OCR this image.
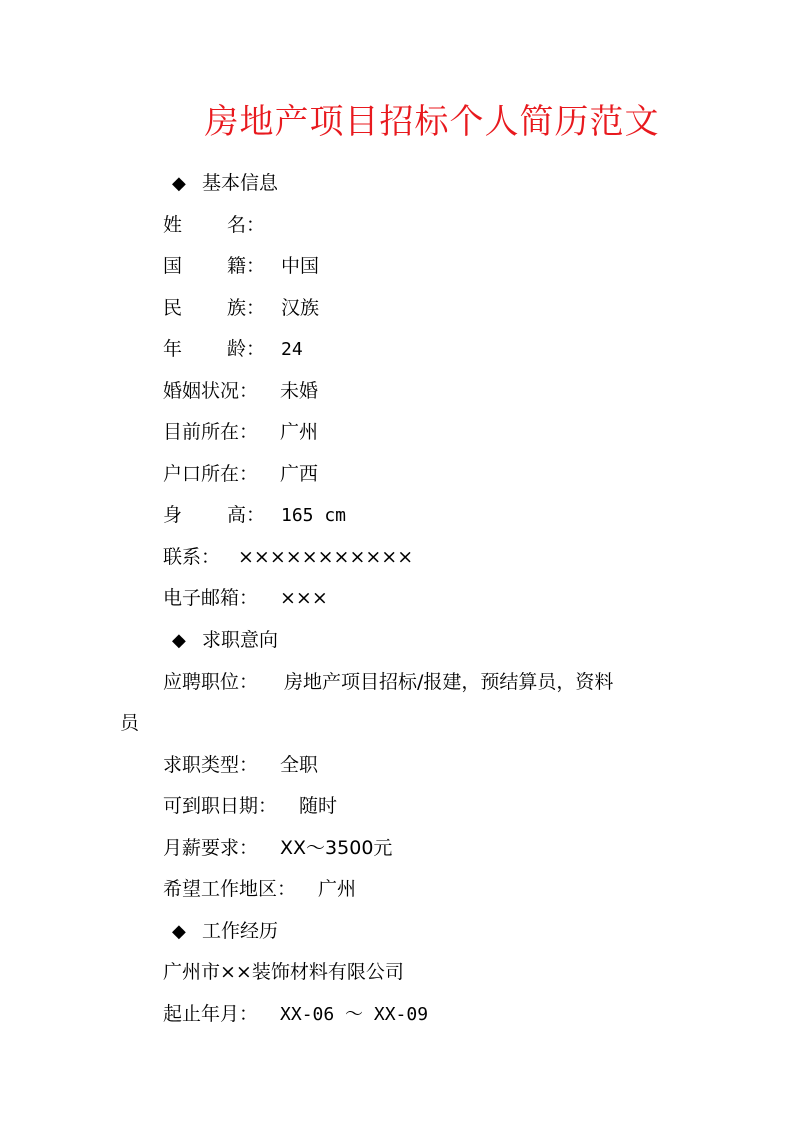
房地产项目招标个人简历范文
◆ 基本信息
姓 名：
国 籍： 中国
民 族： 汉族
年 龄： 24
婚姻状况： 未婚
目前所在： 广州
户口所在： 广西
身 高： 165 cm
联系： ×××××××××××
电子邮箱： ×××
◆ 求职意向
应聘职位： 房地产项目招标/报建，预结算员，资料
员
求职类型： 全职
可到职日期： 随时
月薪要求： XX～3500元
希望工作地区： 广州
◆ 工作经历
广州市××装饰材料有限公司
起止年月： XX-06 ～ XX-09
